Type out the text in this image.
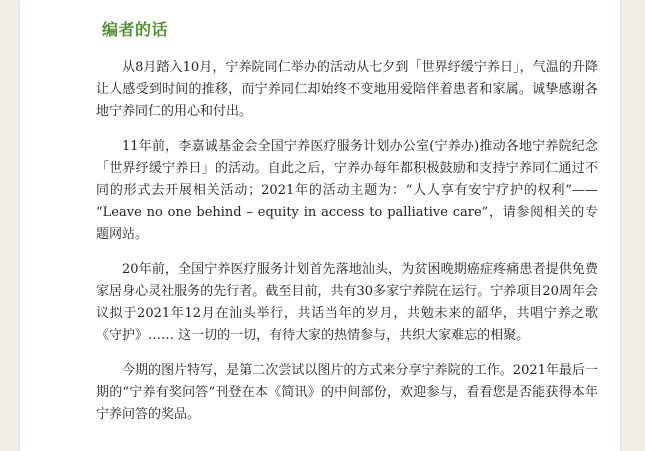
编者的话

从8月踏入10月，宁养院同仁举办的活动从七夕到「世界纾缓宁养日」，气温的升降让人感受到时间的推移，而宁养同仁却始终不变地用爱陪伴着患者和家属。诚挚感谢各地宁养同仁的用心和付出。

11年前，李嘉诚基金会全国宁养医疗服务计划办公室(宁养办)推动各地宁养院纪念「世界纾缓宁养日」的活动。自此之后，宁养办每年都积极鼓励和支持宁养同仁通过不同的形式去开展相关活动；2021年的活动主题为：“人人享有安宁疗护的权利”—— “Leave no one behind – equity in access to palliative care”，请参阅相关的专题网站。

20年前，全国宁养医疗服务计划首先落地汕头，为贫困晚期癌症疼痛患者提供免费家居身心灵社服务的先行者。截至目前，共有30多家宁养院在运行。宁养项目20周年会议拟于2021年12月在汕头举行，共话当年的岁月，共勉未来的韶华，共唱宁养之歌《守护》…… 这一切的一切，有待大家的热情参与，共织大家难忘的相聚。

今期的图片特写，是第二次尝试以图片的方式来分享宁养院的工作。2021年最后一期的“宁养有奖问答”刊登在本《简讯》的中间部份，欢迎参与，看看您是否能获得本年宁养问答的奖品。
